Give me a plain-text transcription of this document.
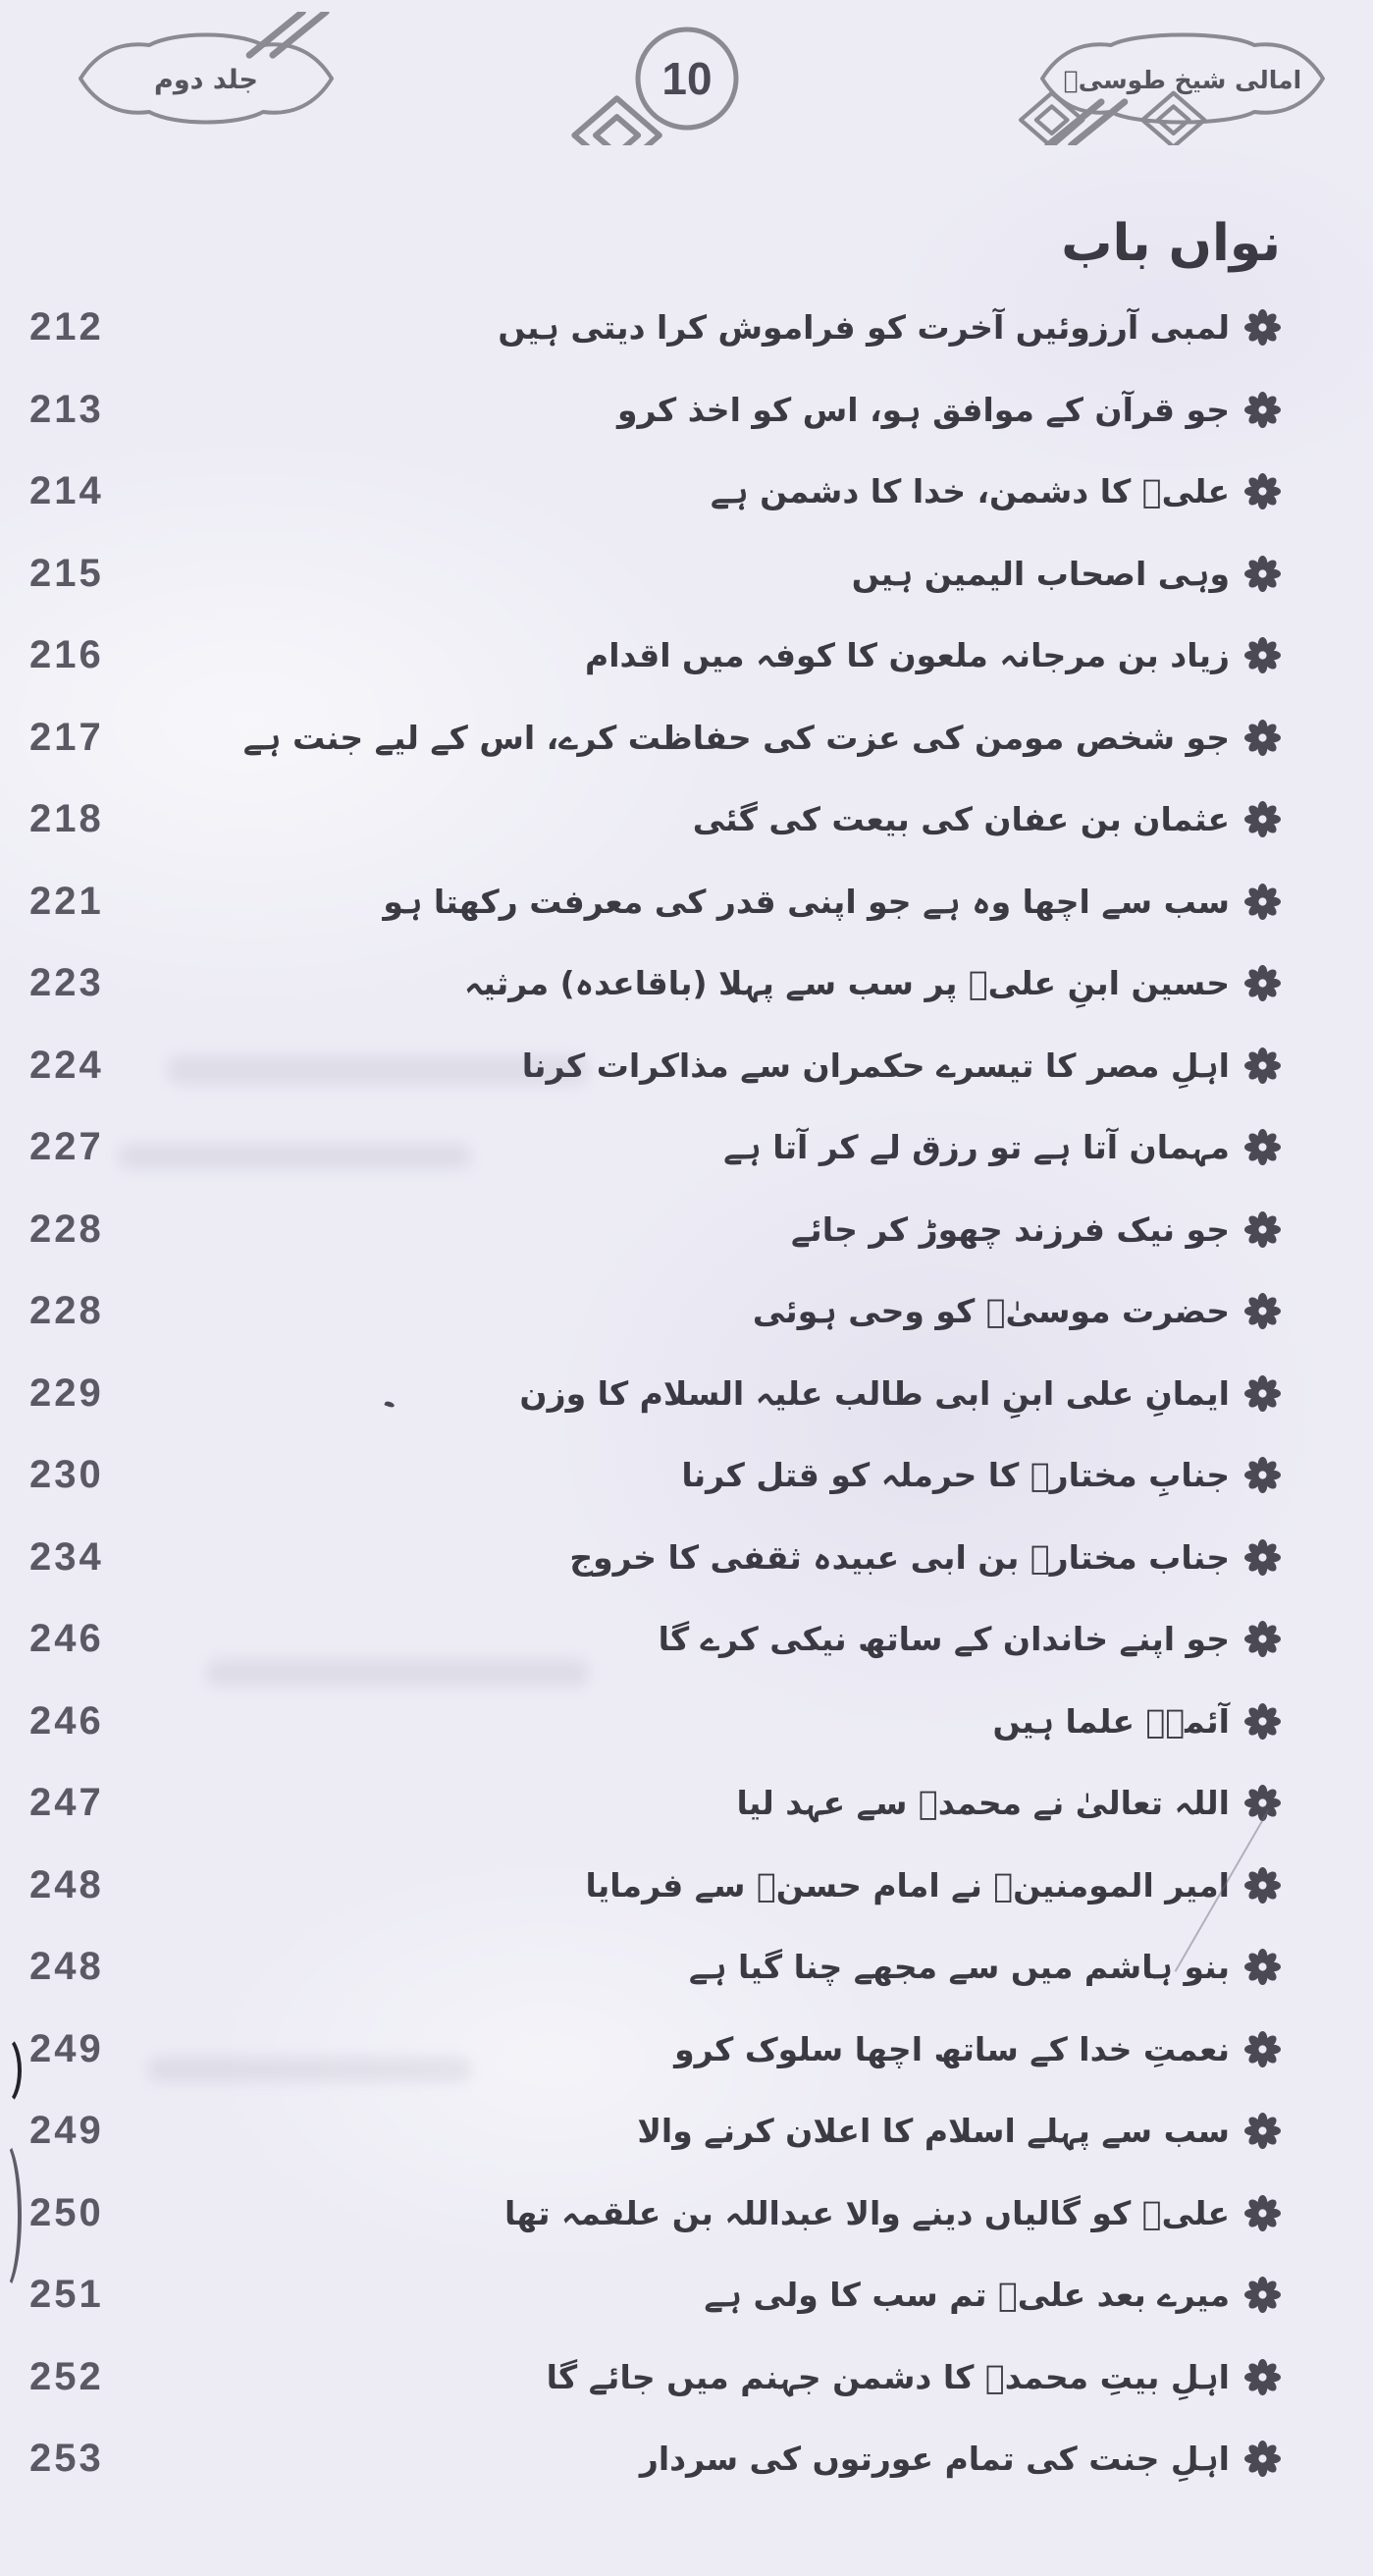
جلد دوم	10	امالی شیخ طوسیؒ
نواں باب
212	لمبی آرزوئیں آخرت کو فراموش کرا دیتی ہیں
213	جو قرآن کے موافق ہو، اس کو اخذ کرو
214	علیؑ کا دشمن، خدا کا دشمن ہے
215	وہی اصحاب الیمین ہیں
216	زیاد بن مرجانہ ملعون کا کوفہ میں اقدام
217	جو شخص مومن کی عزت کی حفاظت کرے، اس کے لیے جنت ہے
218	عثمان بن عفان کی بیعت کی گئی
221	سب سے اچھا وہ ہے جو اپنی قدر کی معرفت رکھتا ہو
223	حسین ابنِ علیؑ پر سب سے پہلا (باقاعدہ) مرثیہ
224	اہلِ مصر کا تیسرے حکمران سے مذاکرات کرنا
227	مہمان آتا ہے تو رزق لے کر آتا ہے
228	جو نیک فرزند چھوڑ کر جائے
228	حضرت موسیٰؑ کو وحی ہوئی
229	ایمانِ علی ابنِ ابی طالب علیہ السلام کا وزن
230	جنابِ مختارؒ کا حرملہ کو قتل کرنا
234	جناب مختارؒ بن ابی عبیدہ ثقفی کا خروج
246	جو اپنے خاندان کے ساتھ نیکی کرے گا
246	آئمہؑ علما ہیں
247	اللہ تعالیٰ نے محمدؐ سے عہد لیا
248	امیر المومنینؑ نے امام حسنؑ سے فرمایا
248	بنو ہاشم میں سے مجھے چنا گیا ہے
249	نعمتِ خدا کے ساتھ اچھا سلوک کرو
249	سب سے پہلے اسلام کا اعلان کرنے والا
250	علیؑ کو گالیاں دینے والا عبداللہ بن علقمہ تھا
251	میرے بعد علیؑ تم سب کا ولی ہے
252	اہلِ بیتِ محمدؐ کا دشمن جہنم میں جائے گا
253	اہلِ جنت کی تمام عورتوں کی سردار
